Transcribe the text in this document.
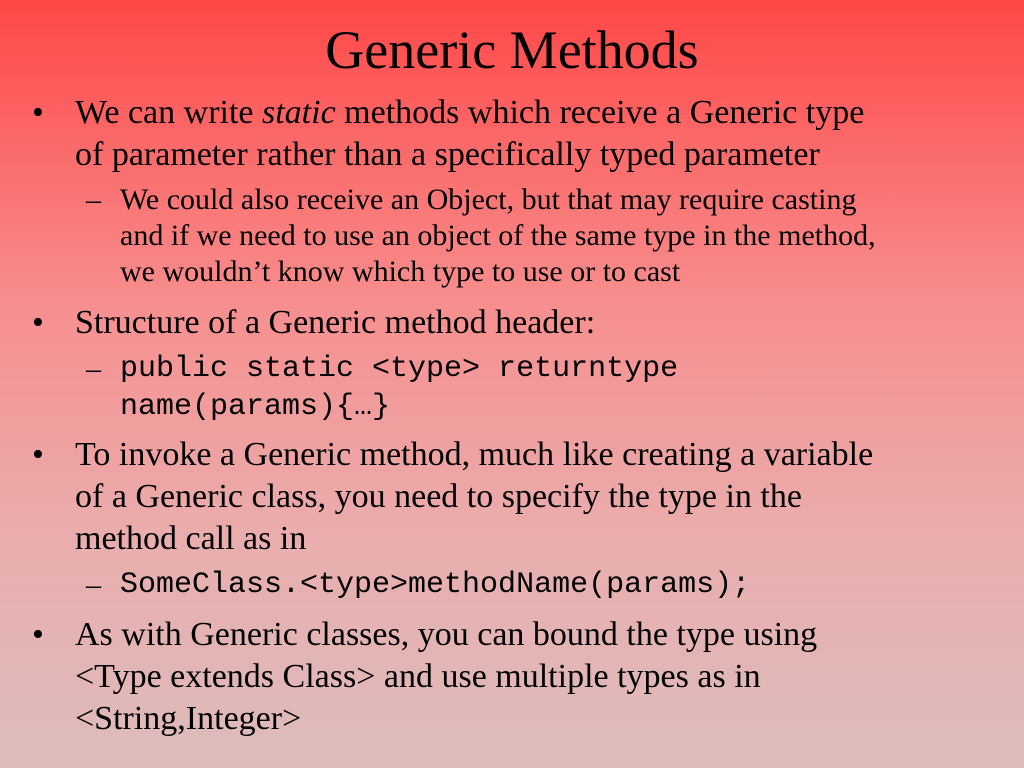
Generic Methods
• We can write static methods which receive a Generic type
of parameter rather than a specifically typed parameter
– We could also receive an Object, but that may require casting
and if we need to use an object of the same type in the method,
we wouldn’t know which type to use or to cast
• Structure of a Generic method header:
– public static <type> returntype
name(params){…}
• To invoke a Generic method, much like creating a variable
of a Generic class, you need to specify the type in the
method call as in
– SomeClass.<type>methodName(params);
• As with Generic classes, you can bound the type using
<Type extends Class> and use multiple types as in
<String,Integer>
